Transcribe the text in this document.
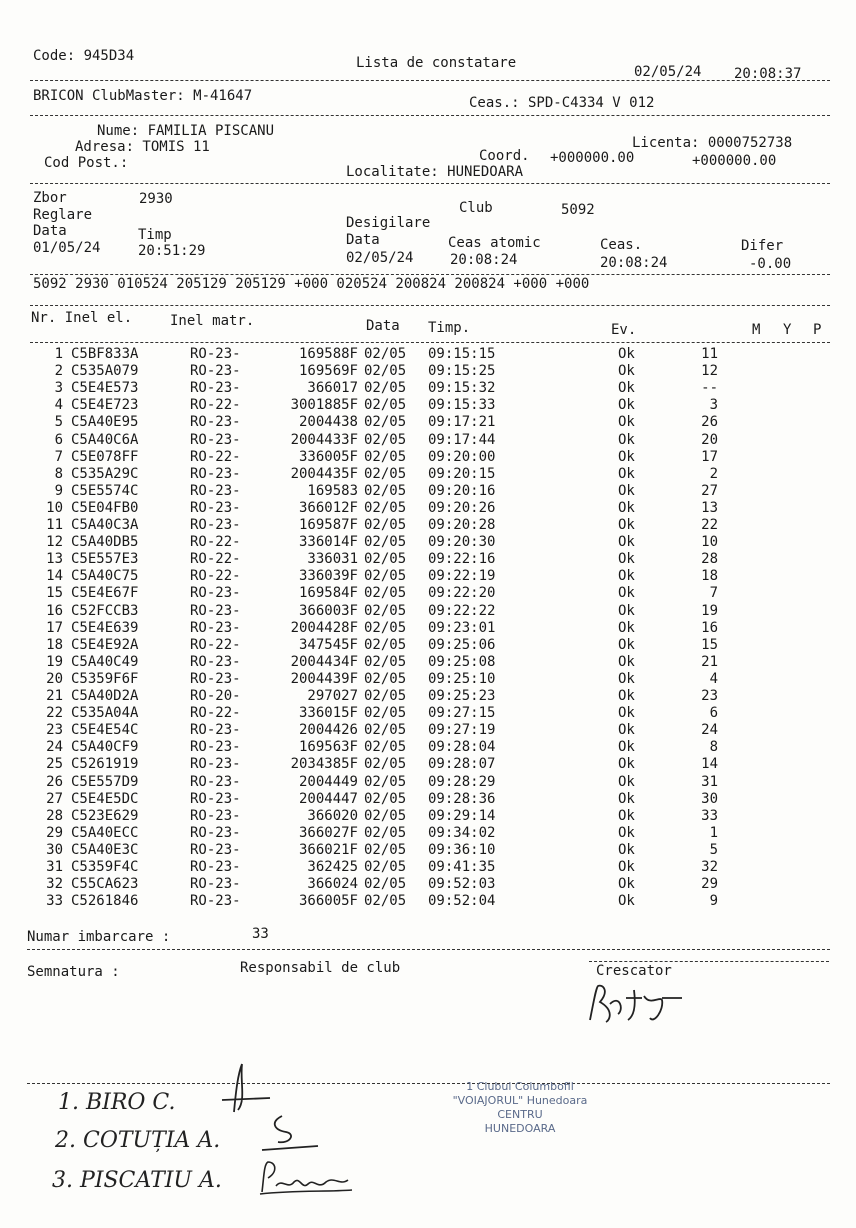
Code: 945D34	Lista de constatare
02/05/24 20:08:37
BRICON ClubMaster: M-41647	Ceas.: SPD-C4334 V 012
Nume: FAMILIA PISCANU
Adresa: TOMIS 11
Cod Post.:
Licenta: 0000752738
Coord. +000000.00	+000000.00
Localitate: HUNEDOARA
Zbor	2930
Reglare	Club	5092
Data	Timp
01/05/24	20:51:29
Desigilare
Data	Ceas atomic	Ceas.	Difer
02/05/24	20:08:24	20:08:24	-0.00
5092 2930 010524 205129 205129 +000 020524 200824 200824 +000 +000
Nr. Inel el.	Inel matr.	Data Timp.	Ev.	M Y P
1 C5BF833A	RO-23-	169588F 02/05 09:15:15	Ok	11
2 C535A079	RO-23-	169569F 02/05 09:15:25	Ok	12
3 C5E4E573	RO-23-	366017 02/05 09:15:32	Ok	--
4 C5E4E723	RO-22-	3001885F 02/05 09:15:33	Ok	3
5 C5A40E95	RO-23-	2004438 02/05 09:17:21	Ok	26
6 C5A40C6A	RO-23-	2004433F 02/05 09:17:44	Ok	20
7 C5E078FF	RO-22-	336005F 02/05 09:20:00	Ok	17
8 C535A29C	RO-23-	2004435F 02/05 09:20:15	Ok	2
9 C5E5574C	RO-23-	169583 02/05 09:20:16	Ok	27
10 C5E04FB0	RO-23-	366012F 02/05 09:20:26	Ok	13
11 C5A40C3A	RO-23-	169587F 02/05 09:20:28	Ok	22
12 C5A40DB5	RO-22-	336014F 02/05 09:20:30	Ok	10
13 C5E557E3	RO-22-	336031 02/05 09:22:16	Ok	28
14 C5A40C75	RO-22-	336039F 02/05 09:22:19	Ok	18
15 C5E4E67F	RO-23-	169584F 02/05 09:22:20	Ok	7
16 C52FCCB3	RO-23-	366003F 02/05 09:22:22	Ok	19
17 C5E4E639	RO-23-	2004428F 02/05 09:23:01	Ok	16
18 C5E4E92A	RO-22-	347545F 02/05 09:25:06	Ok	15
19 C5A40C49	RO-23-	2004434F 02/05 09:25:08	Ok	21
20 C5359F6F	RO-23-	2004439F 02/05 09:25:10	Ok	4
21 C5A40D2A	RO-20-	297027 02/05 09:25:23	Ok	23
22 C535A04A	RO-22-	336015F 02/05 09:27:15	Ok	6
23 C5E4E54C	RO-23-	2004426 02/05 09:27:19	Ok	24
24 C5A40CF9	RO-23-	169563F 02/05 09:28:04	Ok	8
25 C5261919	RO-23-	2034385F 02/05 09:28:07	Ok	14
26 C5E557D9	RO-23-	2004449 02/05 09:28:29	Ok	31
27 C5E4E5DC	RO-23-	2004447 02/05 09:28:36	Ok	30
28 C523E629	RO-23-	366020 02/05 09:29:14	Ok	33
29 C5A40ECC	RO-23-	366027F 02/05 09:34:02	Ok	1
30 C5A40E3C	RO-23-	366021F 02/05 09:36:10	Ok	5
31 C5359F4C	RO-23-	362425 02/05 09:41:35	Ok	32
32 C55CA623	RO-23-	366024 02/05 09:52:03	Ok	29
33 C5261846	RO-23-	366005F 02/05 09:52:04	Ok	9
Numar imbarcare :	33
Semnatura :	Responsabil de club	Crescator
1. BIRO C.
2. COTUȚIA A.
3. PISCATIU A.
1 Clubul Columbofil
"VOIAJORUL" Hunedoara
CENTRU
HUNEDOARA
